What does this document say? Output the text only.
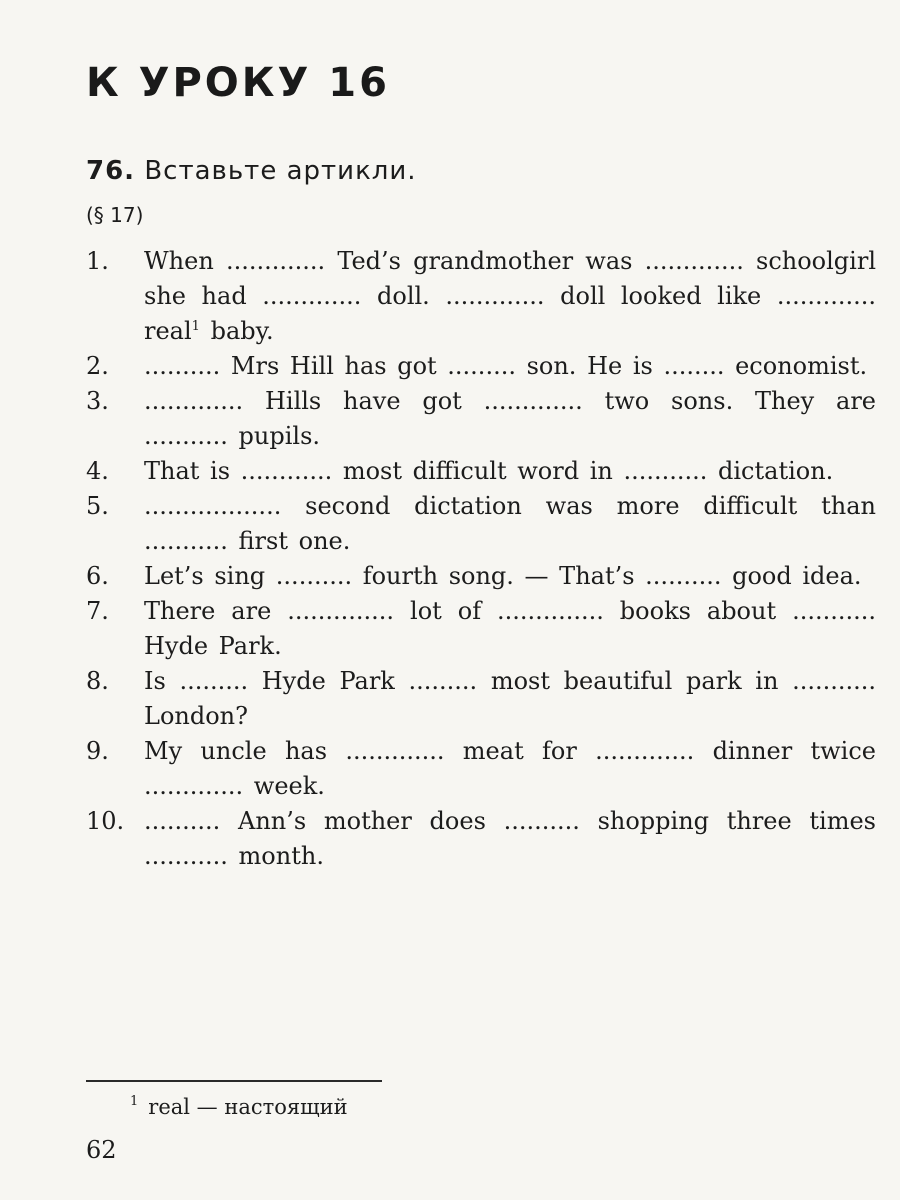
К УРОКУ 16
76. Вставьте артикли.
(§ 17)
1.	When ............. Ted’s grandmother was ............. schoolgirl she had ............. doll. ............. doll looked like ............. real$^1$ baby.
2.	.......... Mrs Hill has got ......... son. He is ........ economist.
3.	............. Hills have got ............. two sons. They are ........... pupils.
4.	That is ............ most difficult word in ........... dictation.
5.	.................. second dictation was more difficult than ........... first one.
6.	Let’s sing .......... fourth song. — That’s .......... good idea.
7.	There are .............. lot of .............. books about ........... Hyde Park.
8.	Is ......... Hyde Park ......... most beautiful park in ........... London?
9.	My uncle has ............. meat for ............. dinner twice ............. week.
10. .......... Ann’s mother does .......... shopping three times ........... month.
$^1$ real — настоящий
62
